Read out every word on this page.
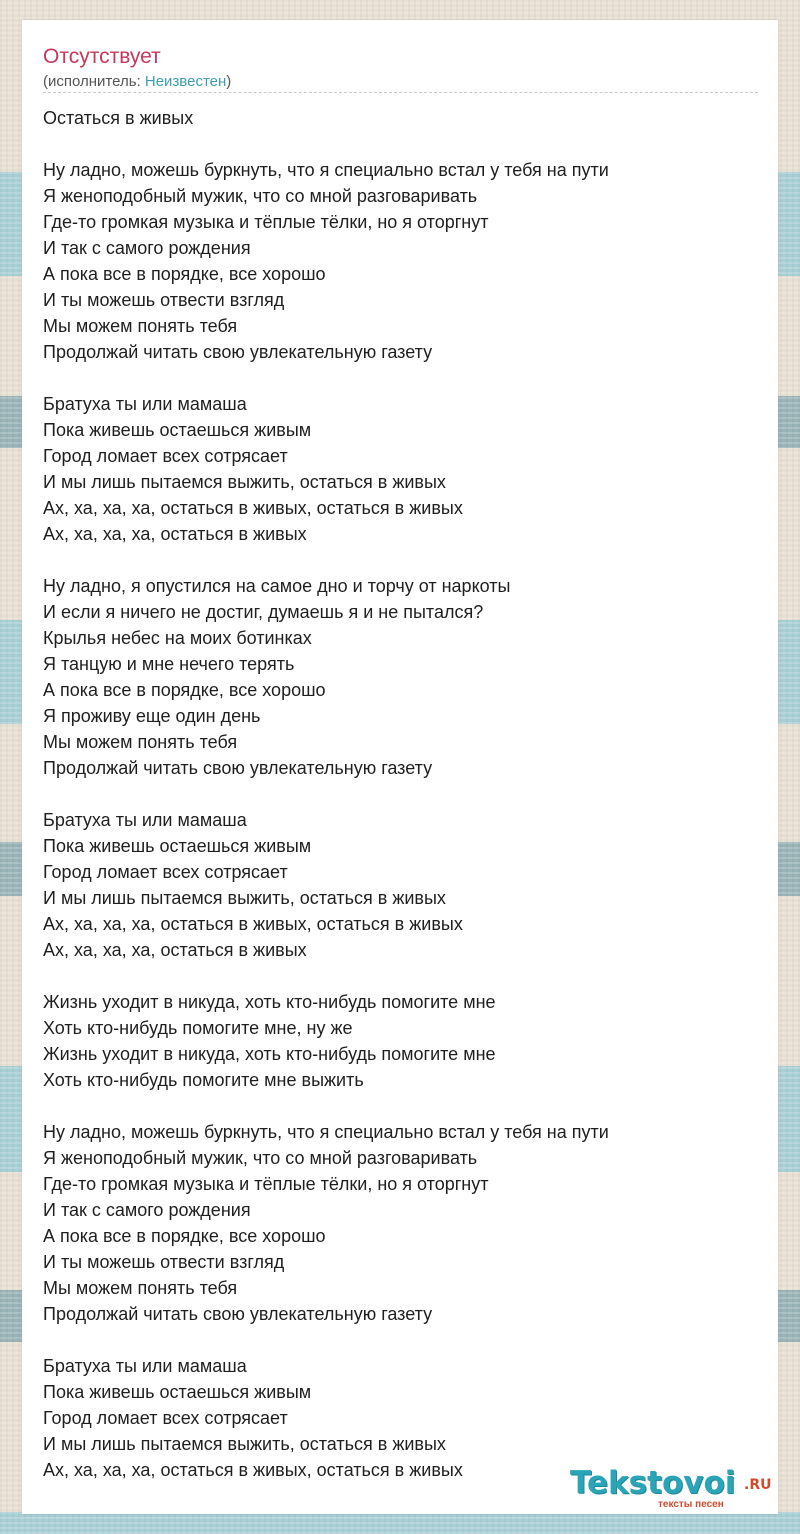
Отсутствует
(исполнитель: Неизвестен)
Остаться в живых
Ну ладно, можешь буркнуть, что я специально встал у тебя на пути
Я женоподобный мужик, что со мной разговаривать
Где-то громкая музыка и тёплые тёлки, но я оторгнут
И так с самого рождения
А пока все в порядке, все хорошо
И ты можешь отвести взгляд
Мы можем понять тебя
Продолжай читать свою увлекательную газету
Братуха ты или мамаша
Пока живешь остаешься живым
Город ломает всех сотрясает
И мы лишь пытаемся выжить, остаться в живых
Ах, ха, ха, ха, остаться в живых, остаться в живых
Ах, ха, ха, ха, остаться в живых
Ну ладно, я опустился на самое дно и торчу от наркоты
И если я ничего не достиг, думаешь я и не пытался?
Крылья небес на моих ботинках
Я танцую и мне нечего терять
А пока все в порядке, все хорошо
Я проживу еще один день
Мы можем понять тебя
Продолжай читать свою увлекательную газету
Братуха ты или мамаша
Пока живешь остаешься живым
Город ломает всех сотрясает
И мы лишь пытаемся выжить, остаться в живых
Ах, ха, ха, ха, остаться в живых, остаться в живых
Ах, ха, ха, ха, остаться в живых
Жизнь уходит в никуда, хоть кто-нибудь помогите мне
Хоть кто-нибудь помогите мне, ну же
Жизнь уходит в никуда, хоть кто-нибудь помогите мне
Хоть кто-нибудь помогите мне выжить
Ну ладно, можешь буркнуть, что я специально встал у тебя на пути
Я женоподобный мужик, что со мной разговаривать
Где-то громкая музыка и тёплые тёлки, но я оторгнут
И так с самого рождения
А пока все в порядке, все хорошо
И ты можешь отвести взгляд
Мы можем понять тебя
Продолжай читать свою увлекательную газету
Братуха ты или мамаша
Пока живешь остаешься живым
Город ломает всех сотрясает
И мы лишь пытаемся выжить, остаться в живых
Ах, ха, ха, ха, остаться в живых, остаться в живых	Tekstovoi .RU
тексты песен
